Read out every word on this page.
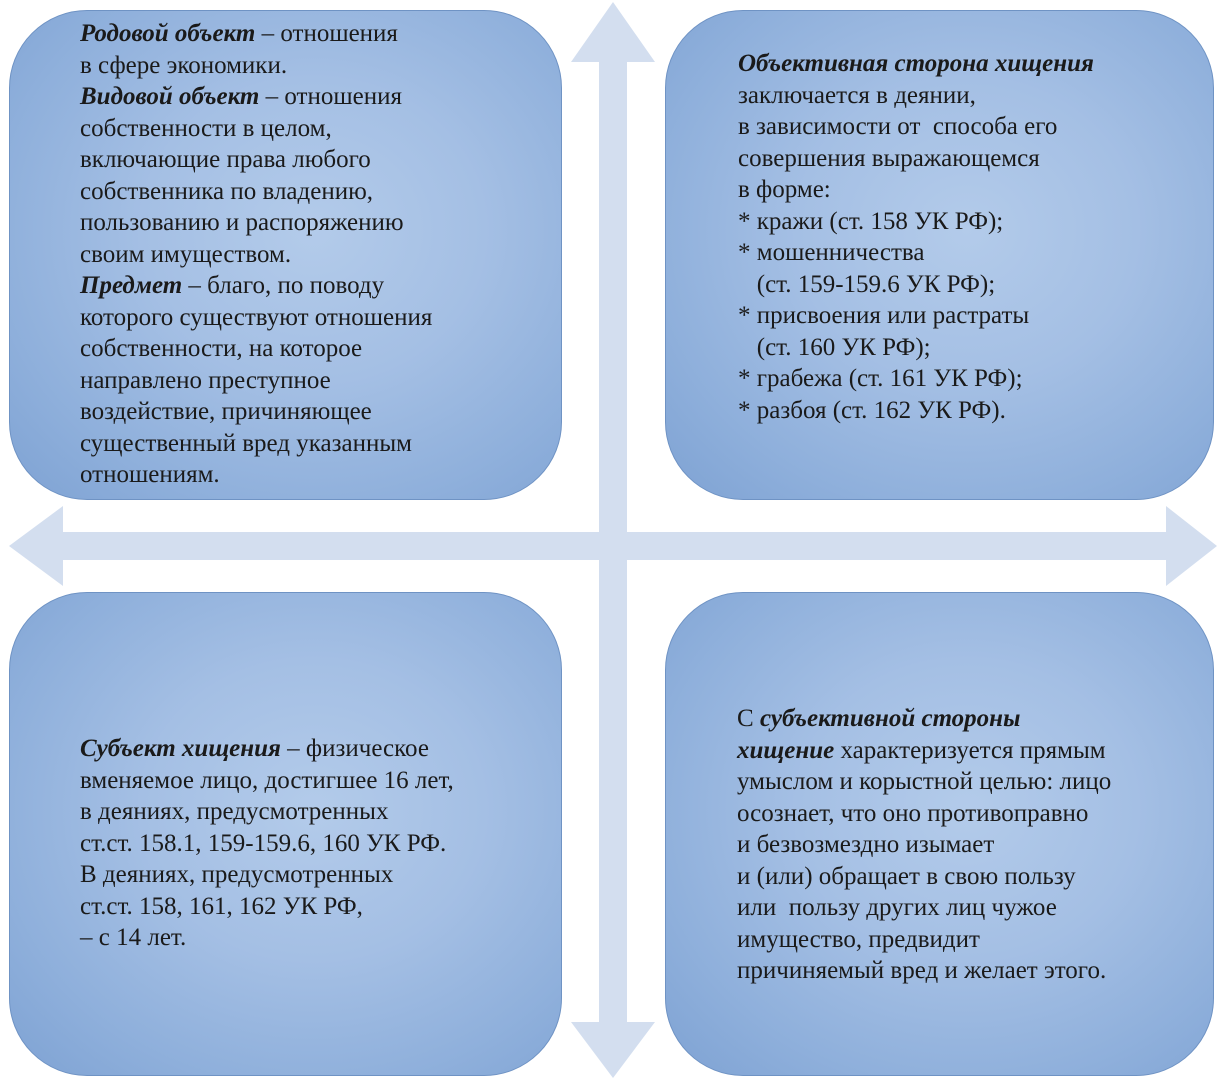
Родовой объект – отношения
в сфере экономики.
Видовой объект – отношения
собственности в целом,
включающие права любого
собственника по владению,
пользованию и распоряжению
своим имуществом.
Предмет – благо, по поводу
которого существуют отношения
собственности, на которое
направлено преступное
воздействие, причиняющее
существенный вред указанным
отношениям.
Объективная сторона хищения
заключается в деянии,
в зависимости от  способа его
совершения выражающемся
в форме:
* кражи (ст. 158 УК РФ);
* мошенничества
(ст. 159-159.6 УК РФ);
* присвоения или растраты
(ст. 160 УК РФ);
* грабежа (ст. 161 УК РФ);
* разбоя (ст. 162 УК РФ).
Субъект хищения – физическое
вменяемое лицо, достигшее 16 лет,
в деяниях, предусмотренных
ст.ст. 158.1, 159-159.6, 160 УК РФ.
В деяниях, предусмотренных
ст.ст. 158, 161, 162 УК РФ,
– с 14 лет.
С субъективной стороны
хищение характеризуется прямым
умыслом и корыстной целью: лицо
осознает, что оно противоправно
и безвозмездно изымает
и (или) обращает в свою пользу
или  пользу других лиц чужое
имущество, предвидит
причиняемый вред и желает этого.
